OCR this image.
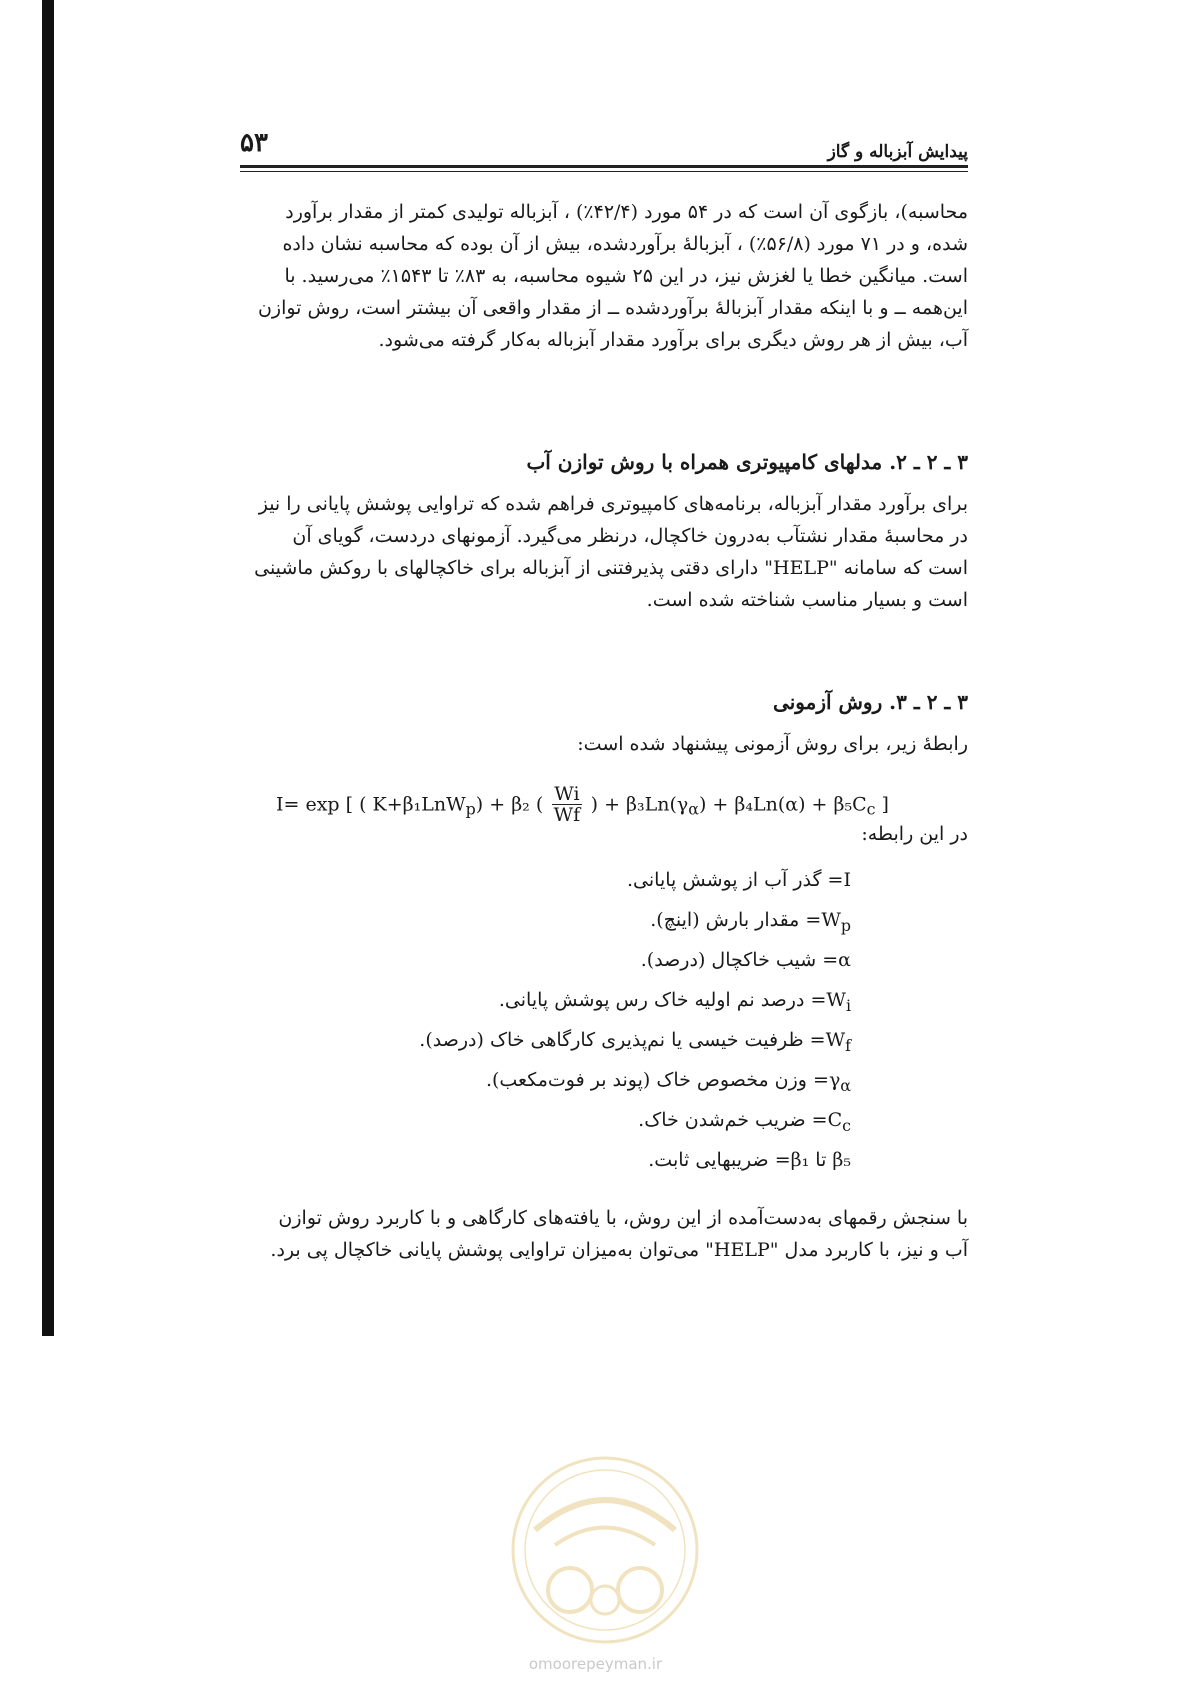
۵۳	پیدایش آبزباله و گاز

محاسبه)، بازگوی آن است که در ۵۴ مورد (۴۲/۴٪) ، آبزباله تولیدی کمتر از مقدار برآورد

شده، و در ۷۱ مورد (۵۶/۸٪) ، آبزبالهٔ برآوردشده، بیش از آن بوده که محاسبه نشان داده

است. میانگین خطا یا لغزش نیز، در این ۲۵ شیوه محاسبه، به ۸۳٪ تا ۱۵۴۳٪ می‌رسید. با

این‌همه ــ و با اینکه مقدار آبزبالهٔ برآوردشده ــ از مقدار واقعی آن بیشتر است، روش توازن

آب، بیش از هر روش دیگری برای برآورد مقدار آبزباله به‌کار گرفته می‌شود.

۳ ـ ۲ ـ ۲. مدلهای کامپیوتری همراه با روش توازن آب

برای برآورد مقدار آبزباله، برنامه‌های کامپیوتری فراهم شده که تراوایی پوشش پایانی را نیز

در محاسبهٔ مقدار نشتآب به‌درون خاکچال، درنظر می‌گیرد. آزمونهای دردست، گویای آن

است که سامانه "HELP" دارای دقتی پذیرفتنی از آبزباله برای خاکچالهای با روکش ماشینی

است و بسیار مناسب شناخته شده است.

۳ ـ ۲ ـ ۳. روش آزمونی
رابطهٔ زیر، برای روش آزمونی پیشنهاد شده است:
I= exp [ ( K+β₁LnW$_p$) + β₂ ( $\frac{Wi}{Wf}$ ) + $\beta_3Ln(\gamma_\alpha) + \beta_4Ln(\alpha) + \beta_5C_c$ ]
در این رابطه:
I= گذر آب از پوشش پایانی.
$W_p=$ مقدار بارش (اینچ).
α= شیب خاکچال (درصد).
$W_i=$ درصد نم اولیه خاک رس پوشش پایانی.
$W_f=$ ظرفیت خیسی یا نم‌پذیری کارگاهی خاک (درصد).
$\gamma_\alpha=$ وزن مخصوص خاک (پوند بر فوت‌مکعب).
$C_c=$ ضریب خم‌شدن خاک.
β₁ تا β₅= ضریبهایی ثابت.

با سنجش رقمهای به‌دست‌آمده از این روش، با یافته‌های کارگاهی و با کاربرد روش توازن

آب و نیز، با کاربرد مدل "HELP" می‌توان به‌میزان تراوایی پوشش پایانی خاکچال پی برد.

omoorepeyman.ir
